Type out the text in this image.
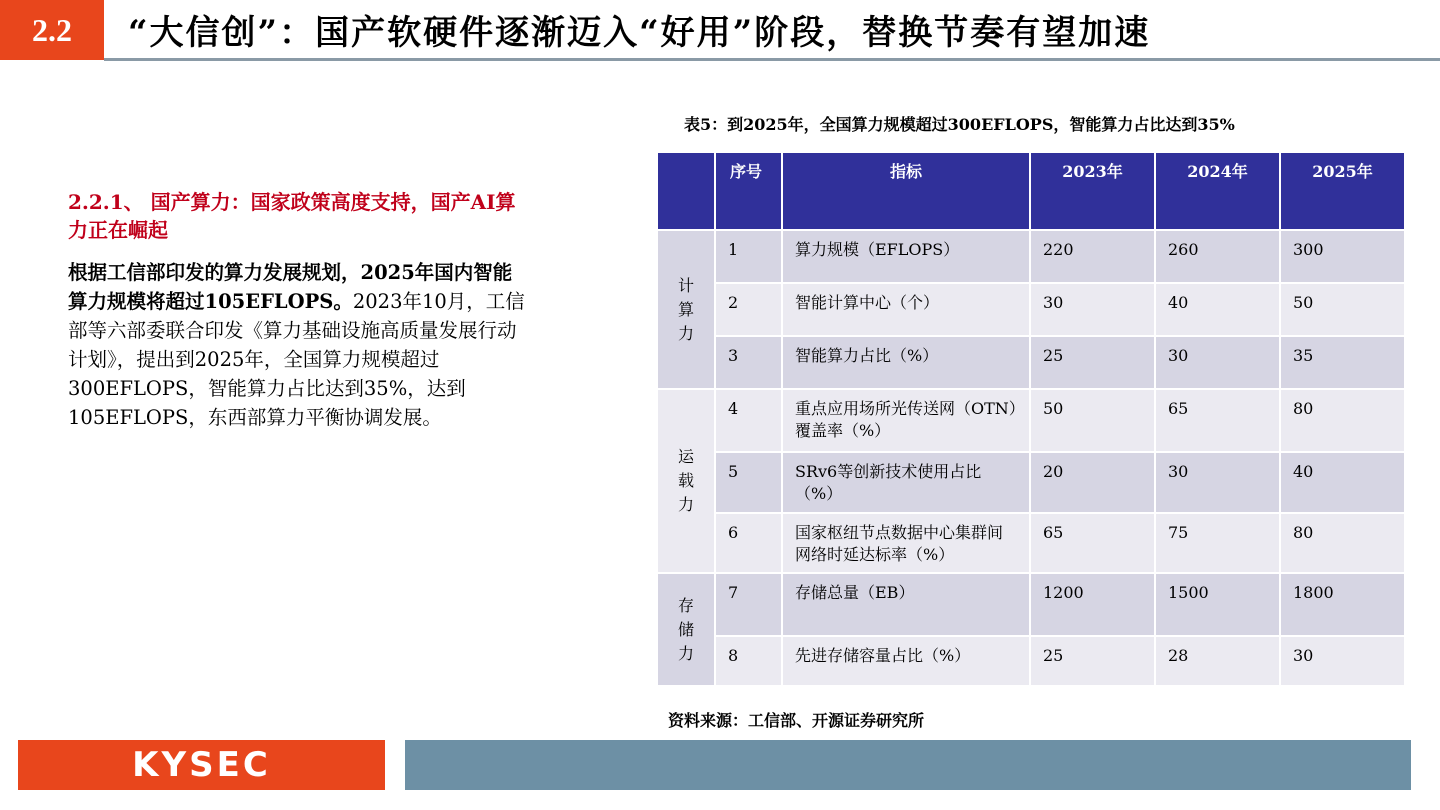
2.2	“大信创”：国产软硬件逐渐迈入“好用”阶段，替换节奏有望加速
2.2.1、 国产算力：国家政策高度支持，国产AI算力正在崛起
根据工信部印发的算力发展规划，2025年国内智能算力规模将超过105EFLOPS。2023年10月，工信部等六部委联合印发《算力基础设施高质量发展行动计划》，提出到2025年，全国算力规模超过300EFLOPS，智能算力占比达到35%，达到105EFLOPS，东西部算力平衡协调发展。
表5：到2025年，全国算力规模超过300EFLOPS，智能算力占比达到35%
	序号	指标	2023年	2024年	2025年
计算力	1	算力规模（EFLOPS）	220	260	300
	2	智能计算中心（个）	30	40	50
	3	智能算力占比（%）	25	30	35
运载力	4	重点应用场所光传送网（OTN）覆盖率（%）	50	65	80
	5	SRv6等创新技术使用占比（%）	20	30	40
	6	国家枢纽节点数据中心集群间网络时延达标率（%）	65	75	80
存储力	7	存储总量（EB）	1200	1500	1800
	8	先进存储容量占比（%）	25	28	30
资料来源：工信部、开源证券研究所
KYSEC
